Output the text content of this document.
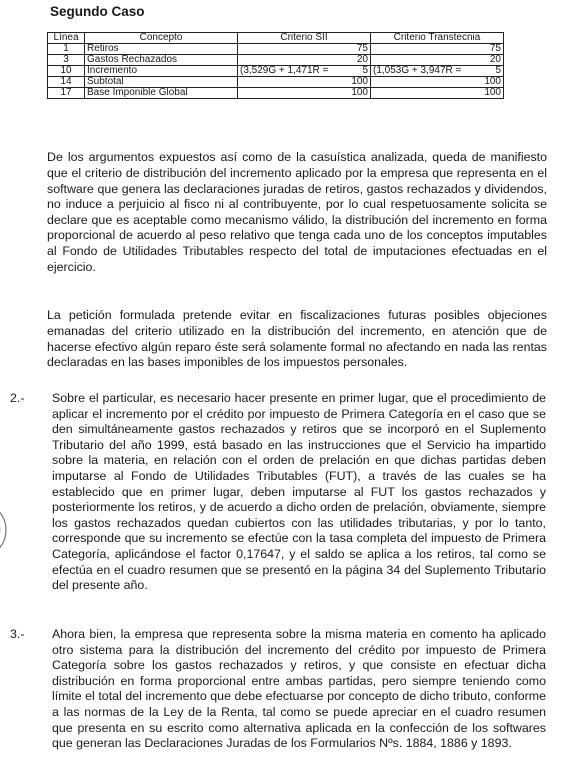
Segundo Caso
Línea	Concepto	Criterio SII	Criterio Transtecnia
1	Retiros	75	75

3	Gastos Rechazados	20	20

10	Incremento	(3,529G + 1,471R = 5	(1,053G + 3,947R = 5

14	Subtotal	100	100

17	Base Imponible Global	100	100

De los argumentos expuestos así como de la casuística analizada, queda de manifiesto que el criterio de distribución del incremento aplicado por la empresa que representa en el software que genera las declaraciones juradas de retiros, gastos rechazados y dividendos, no induce a perjuicio al fisco ni al contribuyente, por lo cual respetuosamente solicita se declare que es aceptable como mecanismo válido, la distribución del incremento en forma proporcional de acuerdo al peso relativo que tenga cada uno de los conceptos imputables al Fondo de Utilidades Tributables respecto del total de imputaciones efectuadas en el ejercicio.

La petición formulada pretende evitar en fiscalizaciones futuras posibles objeciones emanadas del criterio utilizado en la distribución del incremento, en atención que de hacerse efectivo algún reparo éste será solamente formal no afectando en nada las rentas declaradas en las bases imponibles de los impuestos personales.

2.- Sobre el particular, es necesario hacer presente en primer lugar, que el procedimiento de aplicar el incremento por el crédito por impuesto de Primera Categoría en el caso que se den simultáneamente gastos rechazados y retiros que se incorporó en el Suplemento Tributario del año 1999, está basado en las instrucciones que el Servicio ha impartido sobre la materia, en relación con el orden de prelación en que dichas partidas deben imputarse al Fondo de Utilidades Tributables (FUT), a través de las cuales se ha establecido que en primer lugar, deben imputarse al FUT los gastos rechazados y posteriormente los retiros, y de acuerdo a dicho orden de prelación, obviamente, siempre los gastos rechazados quedan cubiertos con las utilidades tributarias, y por lo tanto, corresponde que su incremento se efectúe con la tasa completa del impuesto de Primera Categoría, aplicándose el factor 0,17647, y el saldo se aplica a los retiros, tal como se efectúa en el cuadro resumen que se presentó en la página 34 del Suplemento Tributario del presente año.
3.- Ahora bien, la empresa que representa sobre la misma materia en comento ha aplicado otro sistema para la distribución del incremento del crédito por impuesto de Primera Categoría sobre los gastos rechazados y retiros, y que consiste en efectuar dicha distribución en forma proporcional entre ambas partidas, pero siempre teniendo como límite el total del incremento que debe efectuarse por concepto de dicho tributo, conforme a las normas de la Ley de la Renta, tal como se puede apreciar en el cuadro resumen que presenta en su escrito como alternativa aplicada en la confección de los softwares que generan las Declaraciones Juradas de los Formularios Nºs. 1884, 1886 y 1893.
